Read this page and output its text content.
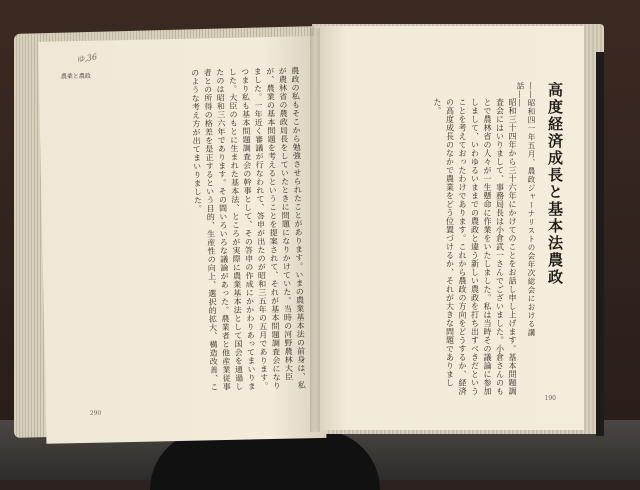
ゆ,36
農業と農政	農政の私もそこから勉強させられたことがあります。いまの農業基本法の前身は、私が農林省の農政局長をしていたときに問題になりかけていた。当時の河野農林大臣が、農業の基本問題を考えるということを提案されて、それが基本問題調査会になりました。一年近く審議が行なわれて、答申が出たのが昭和三五年の五月であります。つまり私も基本問題調査会の幹事として、その答申の作成にかかわりあってまいりました。大臣のもとに生まれた基本法、ところが実際に農業基本法として国会を通過したのは昭和三六年であります。その間いろいろな議論があった。農業者と他産業従事者との所得の格差を是正するという目的、生産性の向上、選択的拡大、構造改善、このような考え方が出てまいりました。
290
高度経済成長と基本法農政
――昭和四一年五月、農政ジャーナリストの会年次総会における講話――
昭和三十四年から三十六年にかけてのことをお話し申し上げます。基本問題調査会にはいりまして、事務局長は小倉武一さんでございました。小倉さんのもとで農林省の人々が一生懸命に作業をいたしました。私は当時その議論に参加しまして、いわゆるいままでの農政と違う新しい農政を打ち出すべきだということを考えておったわけであります。これから農政の方向をどうするか、経済の高度成長のなかで農業をどう位置づけるか、それが大きな問題でありました。
190
